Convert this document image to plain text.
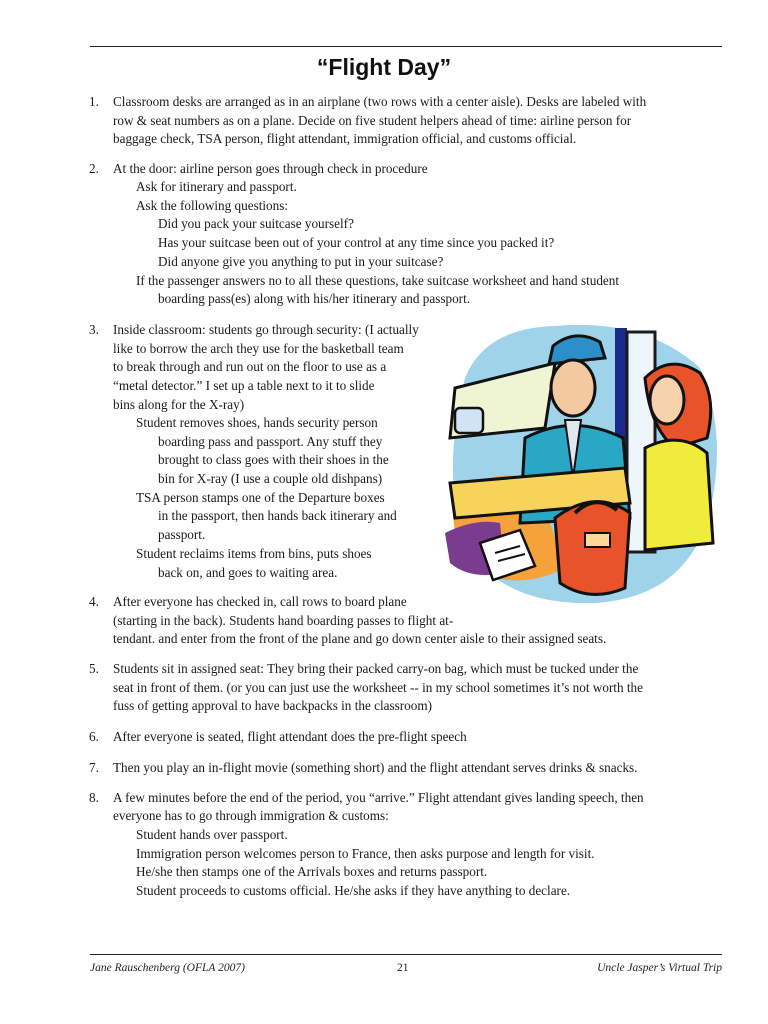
“Flight Day”
1. Classroom desks are arranged as in an airplane (two rows with a center aisle). Desks are labeled with
row & seat numbers as on a plane. Decide on five student helpers ahead of time: airline person for
baggage check, TSA person, flight attendant, immigration official, and customs official.
2. At the door: airline person goes through check in procedure
Ask for itinerary and passport.
Ask the following questions:
Did you pack your suitcase yourself?
Has your suitcase been out of your control at any time since you packed it?
Did anyone give you anything to put in your suitcase?
If the passenger answers no to all these questions, take suitcase worksheet and hand student
boarding pass(es) along with his/her itinerary and passport.
3. Inside classroom: students go through security: (I actually
like to borrow the arch they use for the basketball team
to break through and run out on the floor to use as a
“metal detector.” I set up a table next to it to slide
bins along for the X-ray)
Student removes shoes, hands security person
boarding pass and passport. Any stuff they
brought to class goes with their shoes in the
bin for X-ray (I use a couple old dishpans)
TSA person stamps one of the Departure boxes
in the passport, then hands back itinerary and
passport.
Student reclaims items from bins, puts shoes
back on, and goes to waiting area.
4. After everyone has checked in, call rows to board plane
(starting in the back). Students hand boarding passes to flight at-
tendant. and enter from the front of the plane and go down center aisle to their assigned seats.
5. Students sit in assigned seat: They bring their packed carry-on bag, which must be tucked under the
seat in front of them. (or you can just use the worksheet -- in my school sometimes it’s not worth the
fuss of getting approval to have backpacks in the classroom)
6. After everyone is seated, flight attendant does the pre-flight speech
7. Then you play an in-flight movie (something short) and the flight attendant serves drinks & snacks.
8. A few minutes before the end of the period, you “arrive.” Flight attendant gives landing speech, then
everyone has to go through immigration & customs:
Student hands over passport.
Immigration person welcomes person to France, then asks purpose and length for visit.
He/she then stamps one of the Arrivals boxes and returns passport.
Student proceeds to customs official. He/she asks if they have anything to declare.
Jane Rauschenberg (OFLA 2007)	21	Uncle Jasper’s Virtual Trip
